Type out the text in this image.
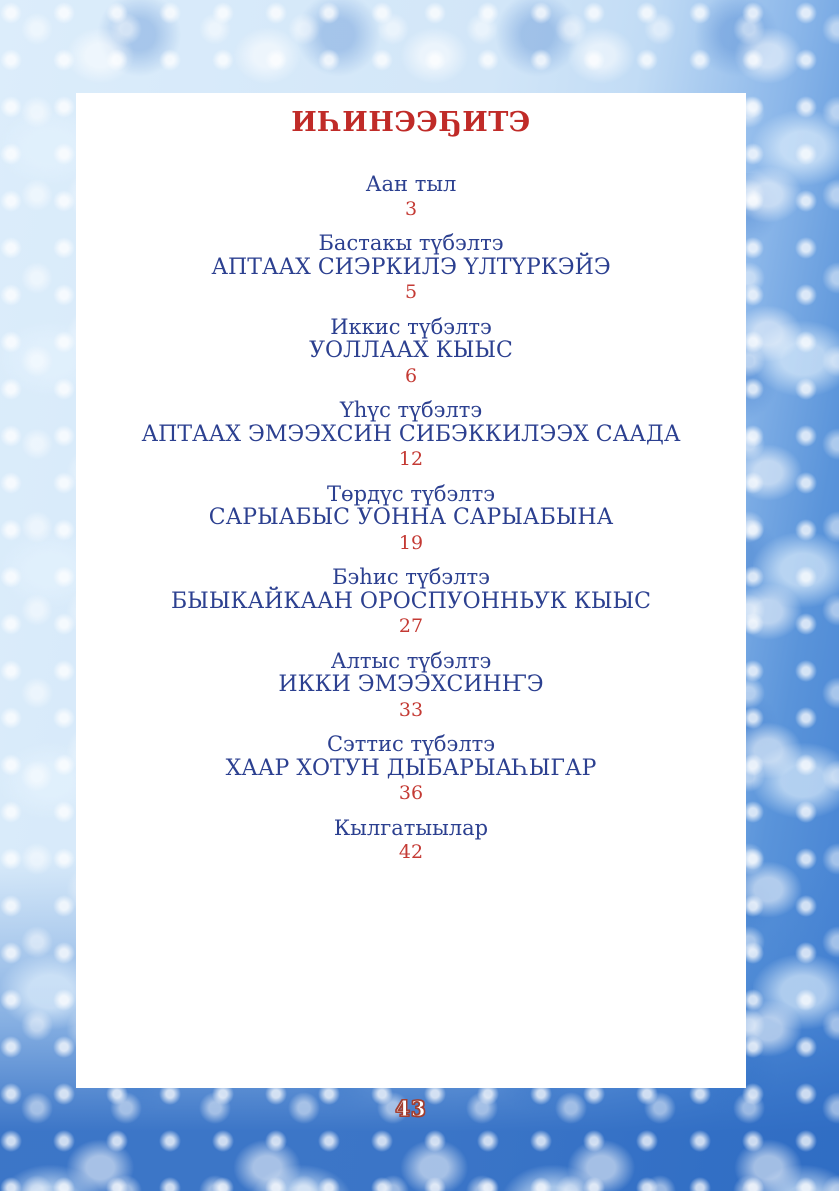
ИҺИНЭЭҔИТЭ
Аан тыл
3
Бастакы түбэлтэ
АПТААХ СИЭРКИЛЭ ҮЛТҮРКЭЙЭ
5
Иккис түбэлтэ
УОЛЛААХ КЫЫС
6
Үһүс түбэлтэ
АПТААХ ЭМЭЭХСИН СИБЭККИЛЭЭХ СААДА
12
Төрдүс түбэлтэ
САРЫАБЫС УОННА САРЫАБЫНА
19
Бэһис түбэлтэ
БЫЫКАЙКААН ОРОСПУОННЬУК КЫЫС
27
Алтыс түбэлтэ
ИККИ ЭМЭЭХСИНҤЭ
33
Сэттис түбэлтэ
ХААР ХОТУН ДЫБАРЫАҺЫГАР
36
Кылгатыылар
42
43
